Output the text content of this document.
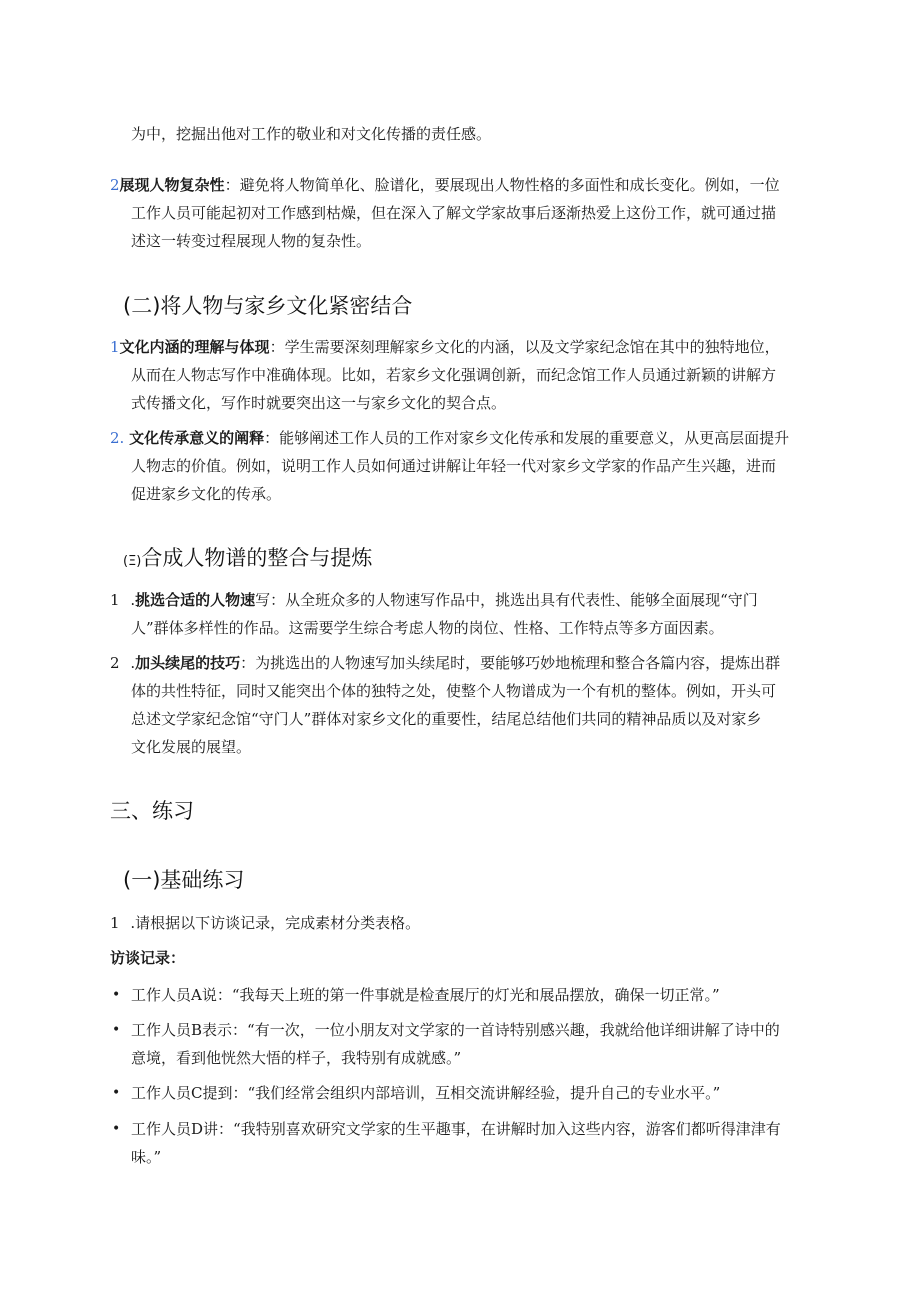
为中，挖掘出他对工作的敬业和对文化传播的责任感。
2展现人物复杂性：避免将人物简单化、脸谱化，要展现出人物性格的多面性和成长变化。例如，一位
工作人员可能起初对工作感到枯燥，但在深入了解文学家故事后逐渐热爱上这份工作，就可通过描
述这一转变过程展现人物的复杂性。
(二)将人物与家乡文化紧密结合
1文化内涵的理解与体现：学生需要深刻理解家乡文化的内涵，以及文学家纪念馆在其中的独特地位，
从而在人物志写作中准确体现。比如，若家乡文化强调创新，而纪念馆工作人员通过新颖的讲解方
式传播文化，写作时就要突出这一与家乡文化的契合点。
2. 文化传承意义的阐释：能够阐述工作人员的工作对家乡文化传承和发展的重要意义，从更高层面提升
人物志的价值。例如，说明工作人员如何通过讲解让年轻一代对家乡文学家的作品产生兴趣，进而
促进家乡文化的传承。
(Ξ)合成人物谱的整合与提炼
1 .挑选合适的人物速写：从全班众多的人物速写作品中，挑选出具有代表性、能够全面展现“守门
人”群体多样性的作品。这需要学生综合考虑人物的岗位、性格、工作特点等多方面因素。
2 .加头续尾的技巧：为挑选出的人物速写加头续尾时，要能够巧妙地梳理和整合各篇内容，提炼出群
体的共性特征，同时又能突出个体的独特之处，使整个人物谱成为一个有机的整体。例如，开头可
总述文学家纪念馆“守门人”群体对家乡文化的重要性，结尾总结他们共同的精神品质以及对家乡
文化发展的展望。
三、练习
(一)基础练习
1 .请根据以下访谈记录，完成素材分类表格。
访谈记录：
• 工作人员A说：“我每天上班的第一件事就是检查展厅的灯光和展品摆放，确保一切正常。”
• 工作人员B表示：“有一次，一位小朋友对文学家的一首诗特别感兴趣，我就给他详细讲解了诗中的
意境，看到他恍然大悟的样子，我特别有成就感。”
• 工作人员C提到：“我们经常会组织内部培训，互相交流讲解经验，提升自己的专业水平。”
• 工作人员D讲：“我特别喜欢研究文学家的生平趣事，在讲解时加入这些内容，游客们都听得津津有
味。”
